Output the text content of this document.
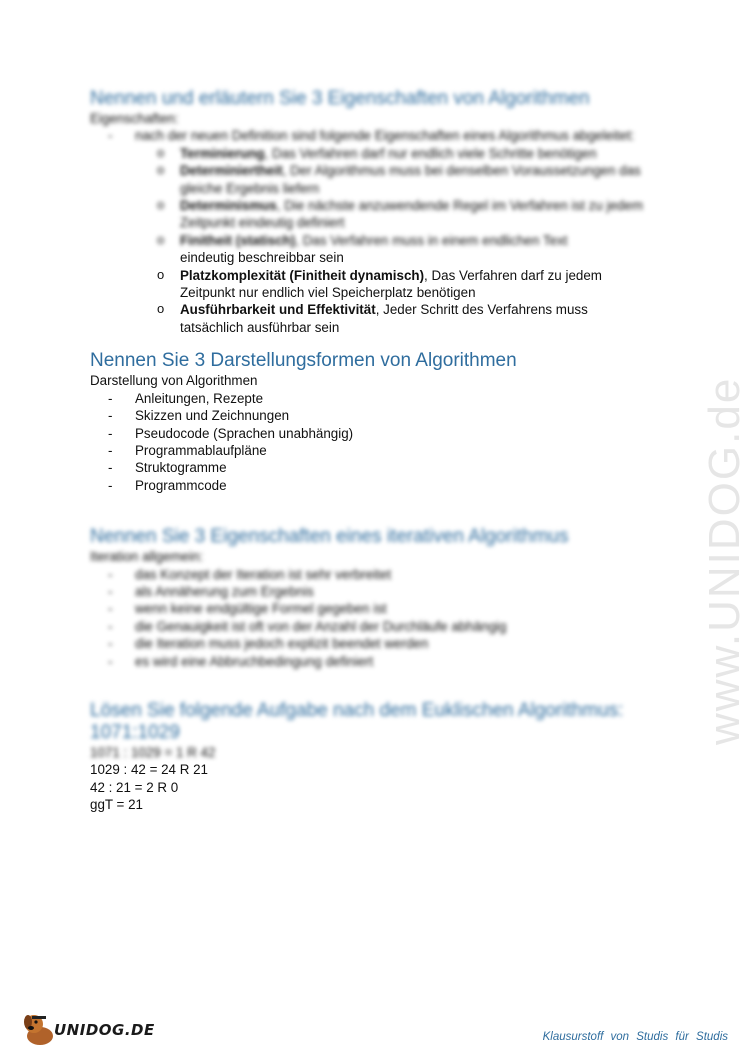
www.UNIDOG.de
Nennen und erläutern Sie 3 Eigenschaften von Algorithmen

Eigenschaften:

- nach der neuen Definition sind folgende Eigenschaften eines Algorithmus abgeleitet:
o Terminierung, Das Verfahren darf nur endlich viele Schritte benötigen
o Determiniertheit, Der Algorithmus muss bei denselben Voraussetzungen das gleiche Ergebnis liefern
o Determinismus, Die nächste anzuwendende Regel im Verfahren ist zu jedem Zeitpunkt eindeutig definiert
o Finitheit (statisch), Das Verfahren muss in einem endlichen Text
eindeutig beschreibbar sein
o Platzkomplexität (Finitheit dynamisch), Das Verfahren darf zu jedem Zeitpunkt nur endlich viel Speicherplatz benötigen
o Ausführbarkeit und Effektivität, Jeder Schritt des Verfahrens muss tatsächlich ausführbar sein
Nennen Sie 3 Darstellungsformen von Algorithmen

Darstellung von Algorithmen

- Anleitungen, Rezepte
- Skizzen und Zeichnungen
- Pseudocode (Sprachen unabhängig)
- Programmablaufpläne
- Struktogramme
- Programmcode
Nennen Sie 3 Eigenschaften eines iterativen Algorithmus

Iteration allgemein:

- das Konzept der Iteration ist sehr verbreitet
- als Annäherung zum Ergebnis
- wenn keine endgültige Formel gegeben ist
- die Genauigkeit ist oft von der Anzahl der Durchläufe abhängig
- die Iteration muss jedoch explizit beendet werden
- es wird eine Abbruchbedingung definiert
Lösen Sie folgende Aufgabe nach dem Euklischen Algorithmus: 1071:1029

1071 : 1029 = 1 R 42

1029 : 42 = 24 R 21

42 : 21 = 2 R 0

ggT = 21

UNIDOG.DE	Klausurstoff von Studis für Studis
